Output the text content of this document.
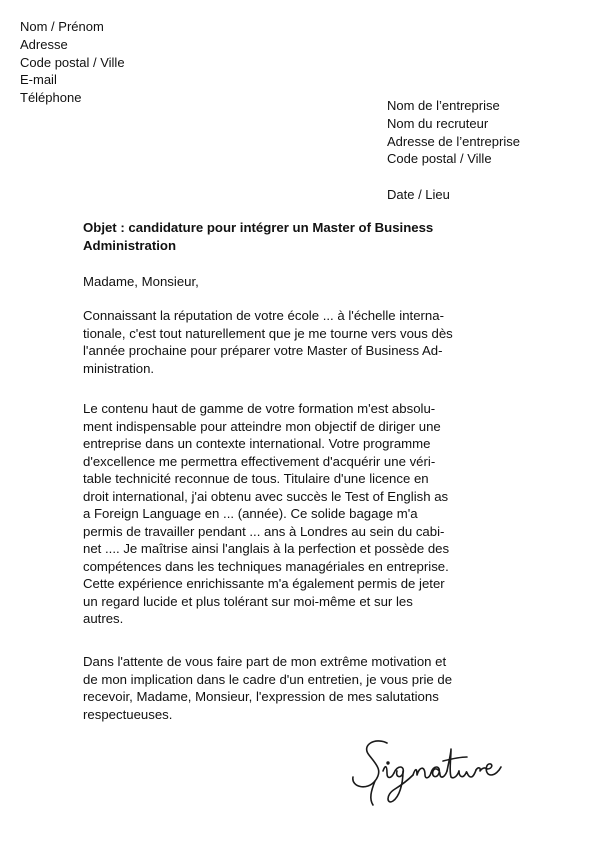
Nom / Prénom
Adresse
Code postal / Ville
E-mail
Téléphone
Nom de l’entreprise
Nom du recruteur
Adresse de l’entreprise
Code postal / Ville
Date / Lieu
Objet : candidature pour intégrer un Master of Business
Administration
Madame, Monsieur,
Connaissant la réputation de votre école ... à l'échelle interna-
tionale, c'est tout naturellement que je me tourne vers vous dès
l'année prochaine pour préparer votre Master of Business Ad-
ministration.
Le contenu haut de gamme de votre formation m'est absolu-
ment indispensable pour atteindre mon objectif de diriger une
entreprise dans un contexte international. Votre programme
d'excellence me permettra effectivement d'acquérir une véri-
table technicité reconnue de tous. Titulaire d'une licence en
droit international, j'ai obtenu avec succès le Test of English as
a Foreign Language en ... (année). Ce solide bagage m'a
permis de travailler pendant ... ans à Londres au sein du cabi-
net .... Je maîtrise ainsi l'anglais à la perfection et possède des
compétences dans les techniques managériales en entreprise.
Cette expérience enrichissante m'a également permis de jeter
un regard lucide et plus tolérant sur moi-même et sur les
autres.
Dans l'attente de vous faire part de mon extrême motivation et
de mon implication dans le cadre d'un entretien, je vous prie de
recevoir, Madame, Monsieur, l'expression de mes salutations
respectueuses.
